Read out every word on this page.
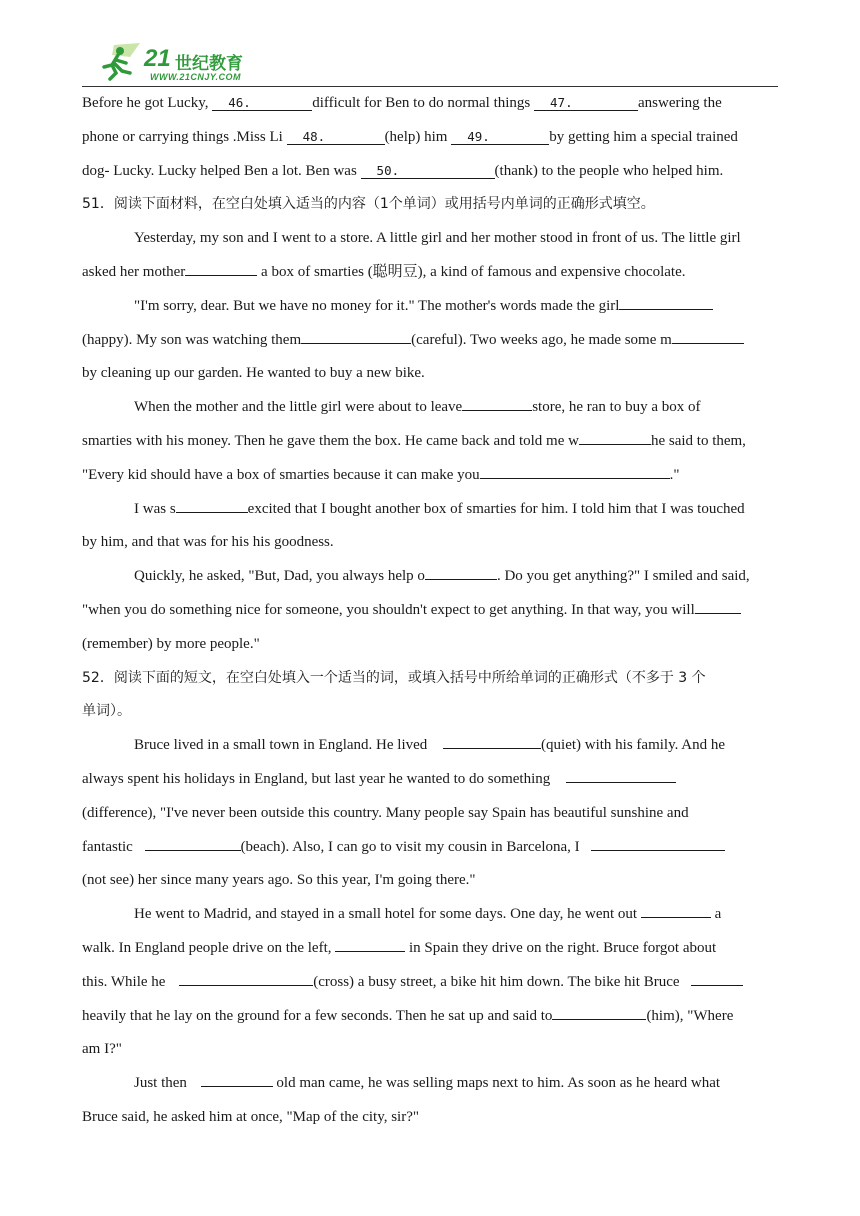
21 世纪教育
WWW.21CNJY.COM
Before he got Lucky, 46.	difficult for Ben to do normal things 47.	answering the
phone or carrying things .Miss Li 48.	(help) him 49.	by getting him a special trained
dog- Lucky. Lucky helped Ben a lot. Ben was 50.	(thank) to the people who helped him.
51．阅读下面材料，在空白处填入适当的内容（1个单词）或用括号内单词的正确形式填空。
Yesterday, my son and I went to a store. A little girl and her mother stood in front of us. The little girl
asked her mother	a box of smarties (聪明豆), a kind of famous and expensive chocolate.
"I'm sorry, dear. But we have no money for it." The mother's words made the girl
(happy). My son was watching them	(careful). Two weeks ago, he made some m
by cleaning up our garden. He wanted to buy a new bike.
When the mother and the little girl were about to leave	store, he ran to buy a box of
smarties with his money. Then he gave them the box. He came back and told me w	he said to them,
"Every kid should have a box of smarties because it can make you	."
I was s	excited that I bought another box of smarties for him. I told him that I was touched
by him, and that was for his his goodness.
Quickly, he asked, "But, Dad, you always help o	. Do you get anything?" I smiled and said,
"when you do something nice for someone, you shouldn't expect to get anything. In that way, you will
(remember) by more people."
52．阅读下面的短文，在空白处填入一个适当的词，或填入括号中所给单词的正确形式（不多于 3 个
单词）。
Bruce lived in a small town in England. He lived	(quiet) with his family. And he
always spent his holidays in England, but last year he wanted to do something
(difference), "I've never been outside this country. Many people say Spain has beautiful sunshine and
fantastic	(beach). Also, I can go to visit my cousin in Barcelona, I
(not see) her since many years ago. So this year, I'm going there."
He went to Madrid, and stayed in a small hotel for some days. One day, he went out	a
walk. In England people drive on the left,	in Spain they drive on the right. Bruce forgot about
this. While he	(cross) a busy street, a bike hit him down. The bike hit Bruce
heavily that he lay on the ground for a few seconds. Then he sat up and said to	(him), "Where
am I?"
Just then	old man came, he was selling maps next to him. As soon as he heard what
Bruce said, he asked him at once, "Map of the city, sir?"
